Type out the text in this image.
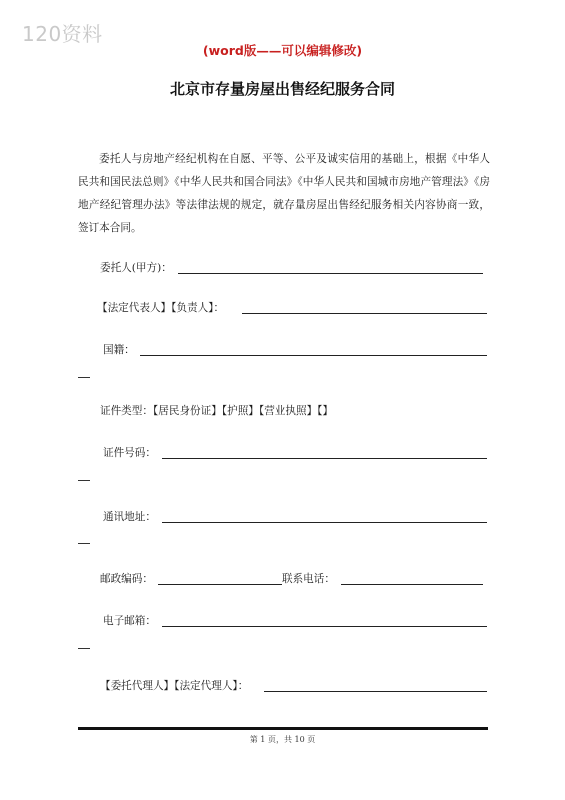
120资料
(word版——可以编辑修改)
北京市存量房屋出售经纪服务合同

委托人与房地产经纪机构在自愿、平等、公平及诚实信用的基础上，根据《中华人民共和国民法总则》《中华人民共和国合同法》《中华人民共和国城市房地产管理法》《房地产经纪管理办法》等法律法规的规定，就存量房屋出售经纪服务相关内容协商一致，签订本合同。

委托人(甲方)：
【法定代表人】【负责人】：
国籍：
证件类型：【居民身份证】【护照】【营业执照】【】
证件号码：
通讯地址：
邮政编码：	联系电话：
电子邮箱：
【委托代理人】【法定代理人】：
第 1 页，共 10 页
